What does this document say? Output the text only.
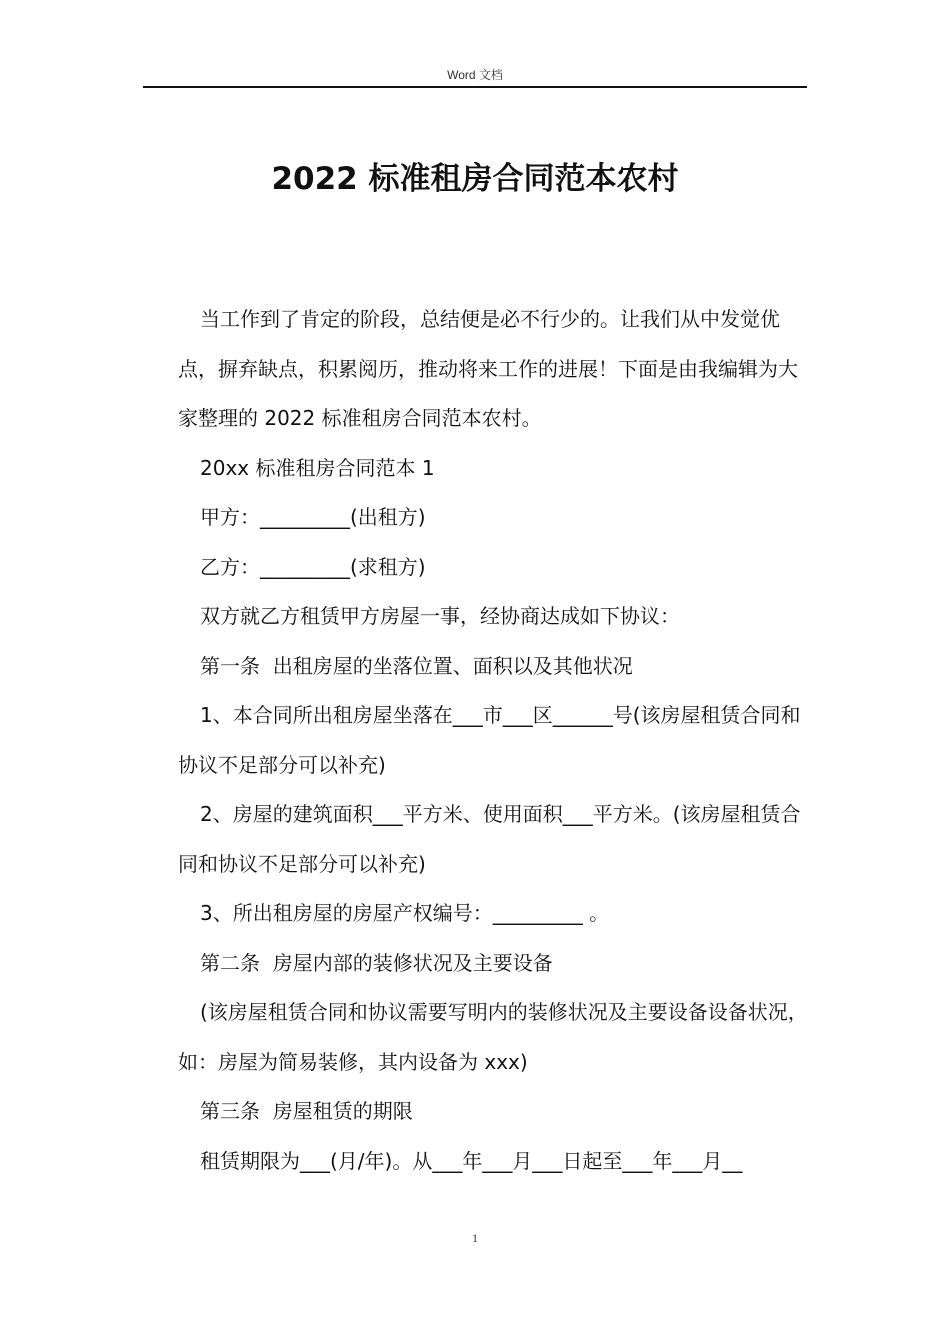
Word 文档
2022 标准租房合同范本农村

当工作到了肯定的阶段，总结便是必不行少的。让我们从中发觉优点，摒弃缺点，积累阅历，推动将来工作的进展！下面是由我编辑为大家整理的 2022 标准租房合同范本农村。

20xx 标准租房合同范本 1

甲方：_________(出租方)

乙方：_________(求租方)

双方就乙方租赁甲方房屋一事，经协商达成如下协议：

第一条  出租房屋的坐落位置、面积以及其他状况

1、本合同所出租房屋坐落在___市___区______号(该房屋租赁合同和协议不足部分可以补充)

2、房屋的建筑面积___平方米、使用面积___平方米。(该房屋租赁合同和协议不足部分可以补充)

3、所出租房屋的房屋产权编号：_________ 。

第二条  房屋内部的装修状况及主要设备

(该房屋租赁合同和协议需要写明内的装修状况及主要设备设备状况，如：房屋为简易装修，其内设备为 xxx)

第三条  房屋租赁的期限

租赁期限为___(月/年)。从___年___月___日起至___年___月__

1
